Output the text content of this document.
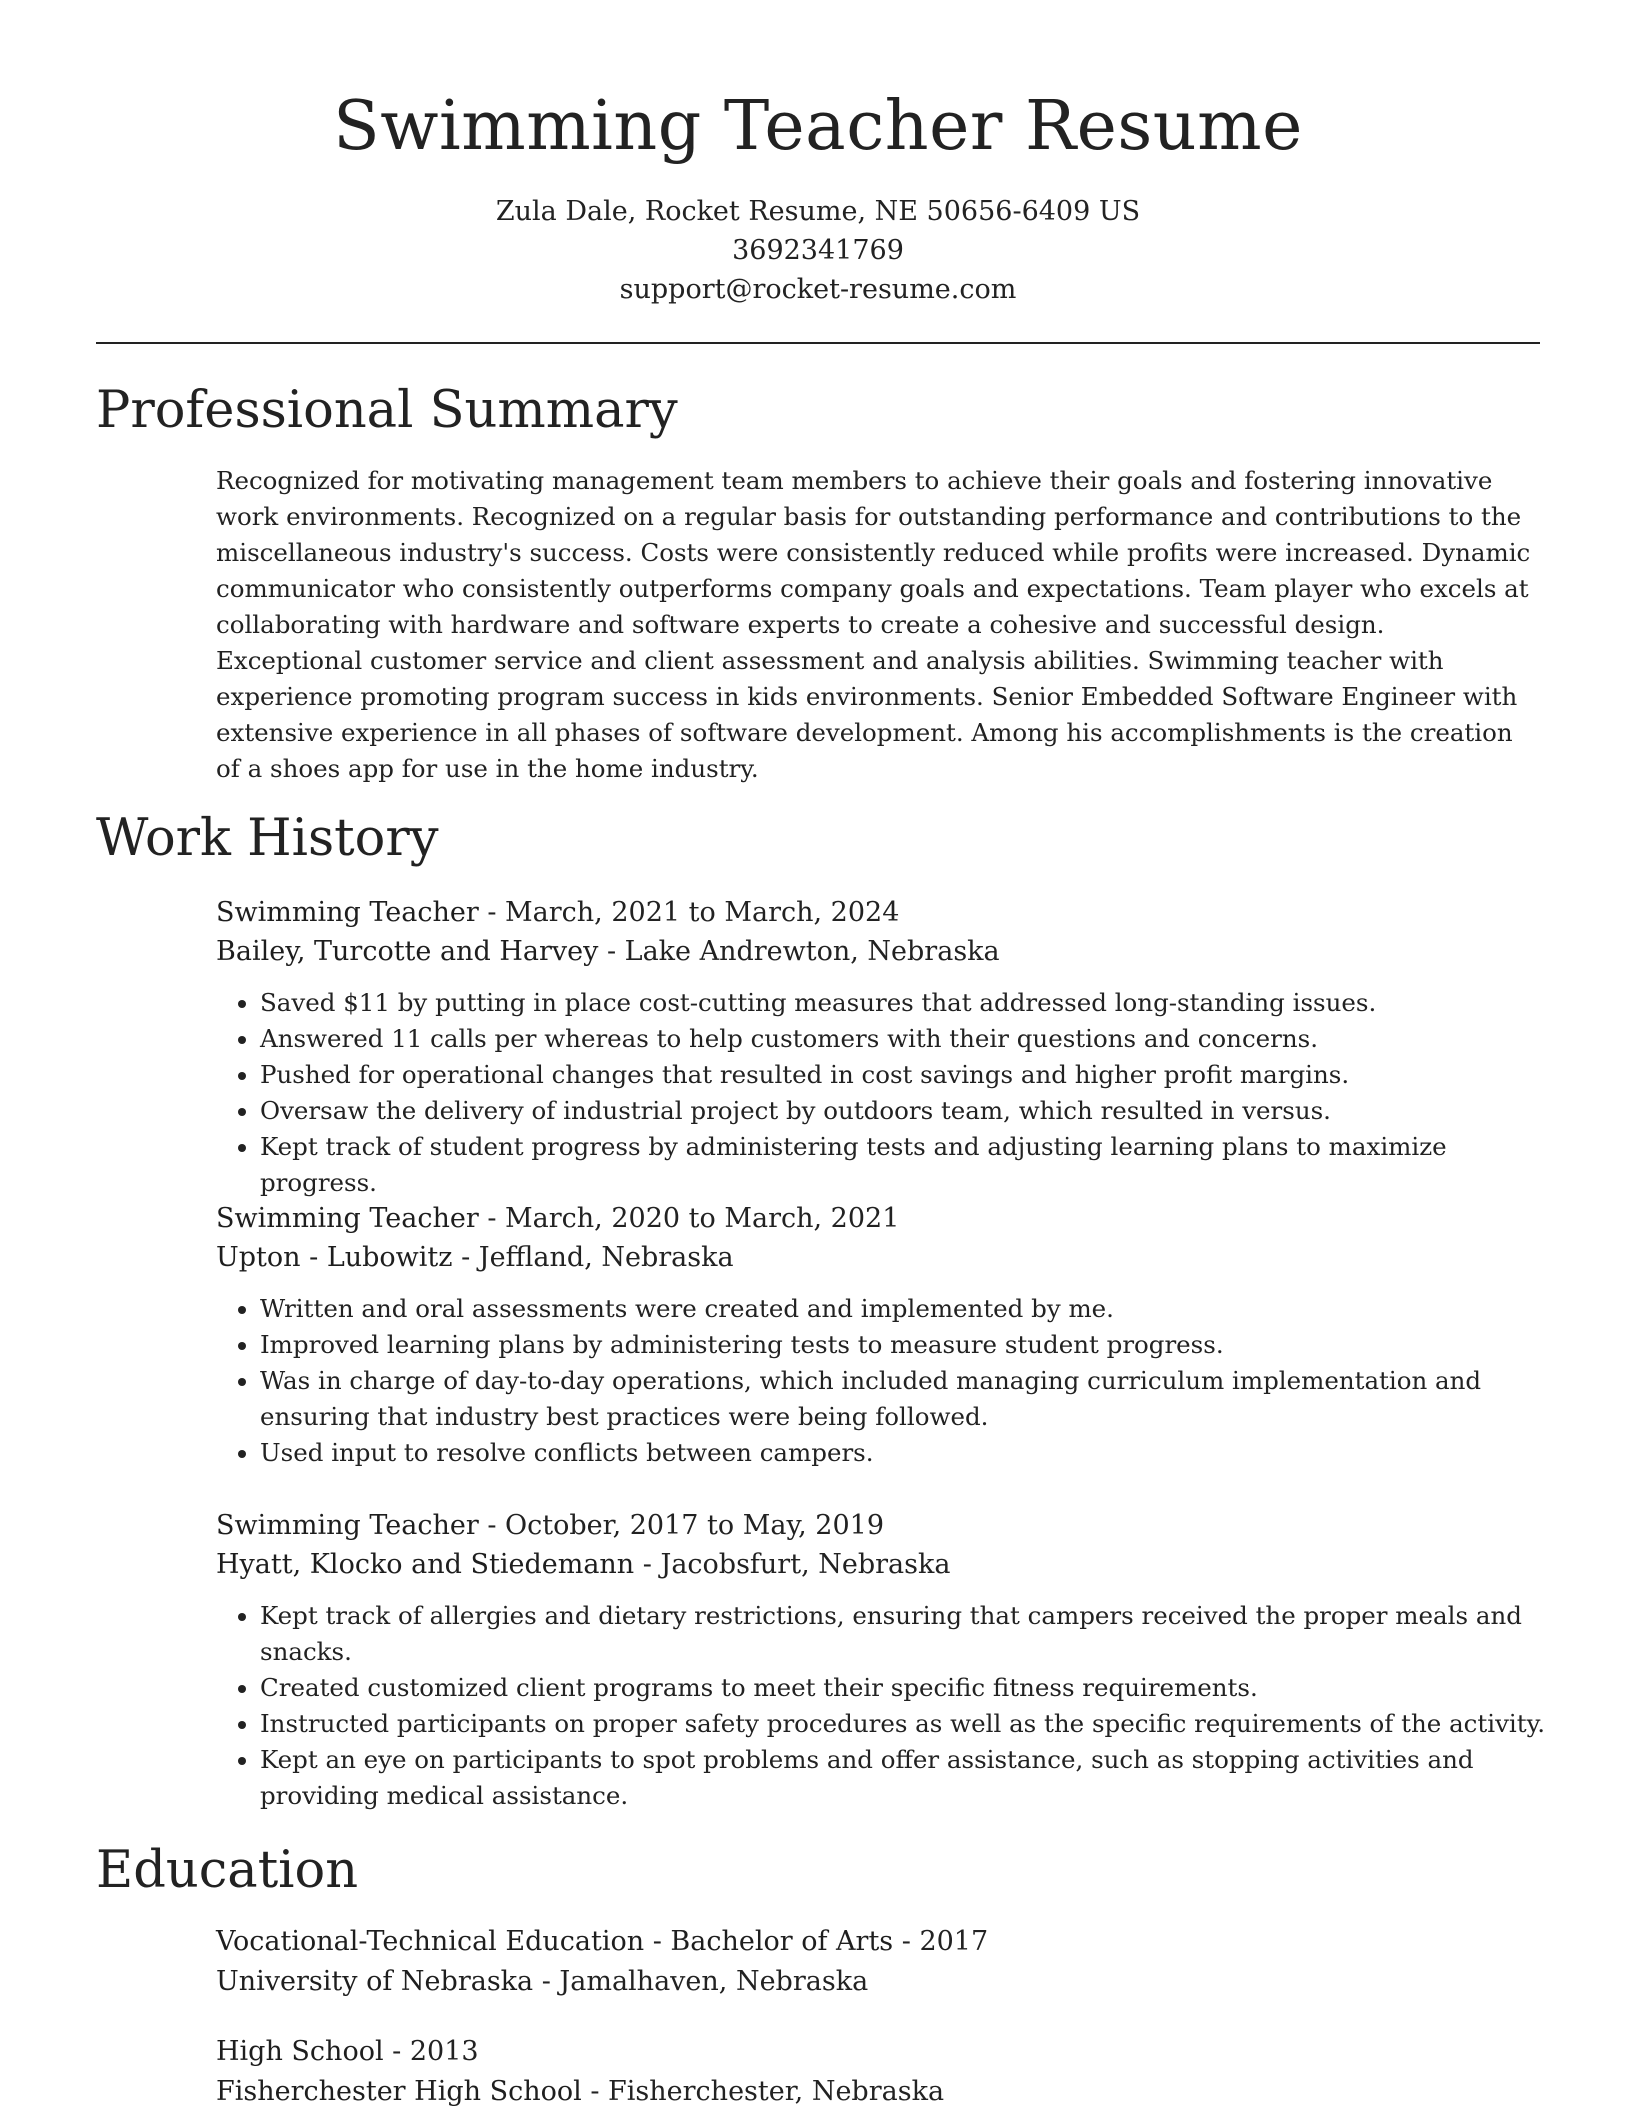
Swimming Teacher Resume
Zula Dale, Rocket Resume, NE 50656-6409 US
3692341769
support@rocket-resume.com
Professional Summary

Recognized for motivating management team members to achieve their goals and fostering innovative work environments. Recognized on a regular basis for outstanding performance and contributions to the miscellaneous industry's success. Costs were consistently reduced while profits were increased. Dynamic communicator who consistently outperforms company goals and expectations. Team player who excels at collaborating with hardware and software experts to create a cohesive and successful design. Exceptional customer service and client assessment and analysis abilities. Swimming teacher with experience promoting program success in kids environments. Senior Embedded Software Engineer with extensive experience in all phases of software development. Among his accomplishments is the creation of a shoes app for use in the home industry.

Work History
Swimming Teacher - March, 2021 to March, 2024
Bailey, Turcotte and Harvey - Lake Andrewton, Nebraska
• Saved $11 by putting in place cost-cutting measures that addressed long-standing issues.
• Answered 11 calls per whereas to help customers with their questions and concerns.
• Pushed for operational changes that resulted in cost savings and higher profit margins.
• Oversaw the delivery of industrial project by outdoors team, which resulted in versus.
• Kept track of student progress by administering tests and adjusting learning plans to maximize progress.
Swimming Teacher - March, 2020 to March, 2021
Upton - Lubowitz - Jeffland, Nebraska
• Written and oral assessments were created and implemented by me.
• Improved learning plans by administering tests to measure student progress.
• Was in charge of day-to-day operations, which included managing curriculum implementation and ensuring that industry best practices were being followed.
• Used input to resolve conflicts between campers.
Swimming Teacher - October, 2017 to May, 2019
Hyatt, Klocko and Stiedemann - Jacobsfurt, Nebraska
• Kept track of allergies and dietary restrictions, ensuring that campers received the proper meals and snacks.
• Created customized client programs to meet their specific fitness requirements.
• Instructed participants on proper safety procedures as well as the specific requirements of the activity.
• Kept an eye on participants to spot problems and offer assistance, such as stopping activities and providing medical assistance.
Education
Vocational-Technical Education - Bachelor of Arts - 2017
University of Nebraska - Jamalhaven, Nebraska
High School - 2013
Fisherchester High School - Fisherchester, Nebraska
